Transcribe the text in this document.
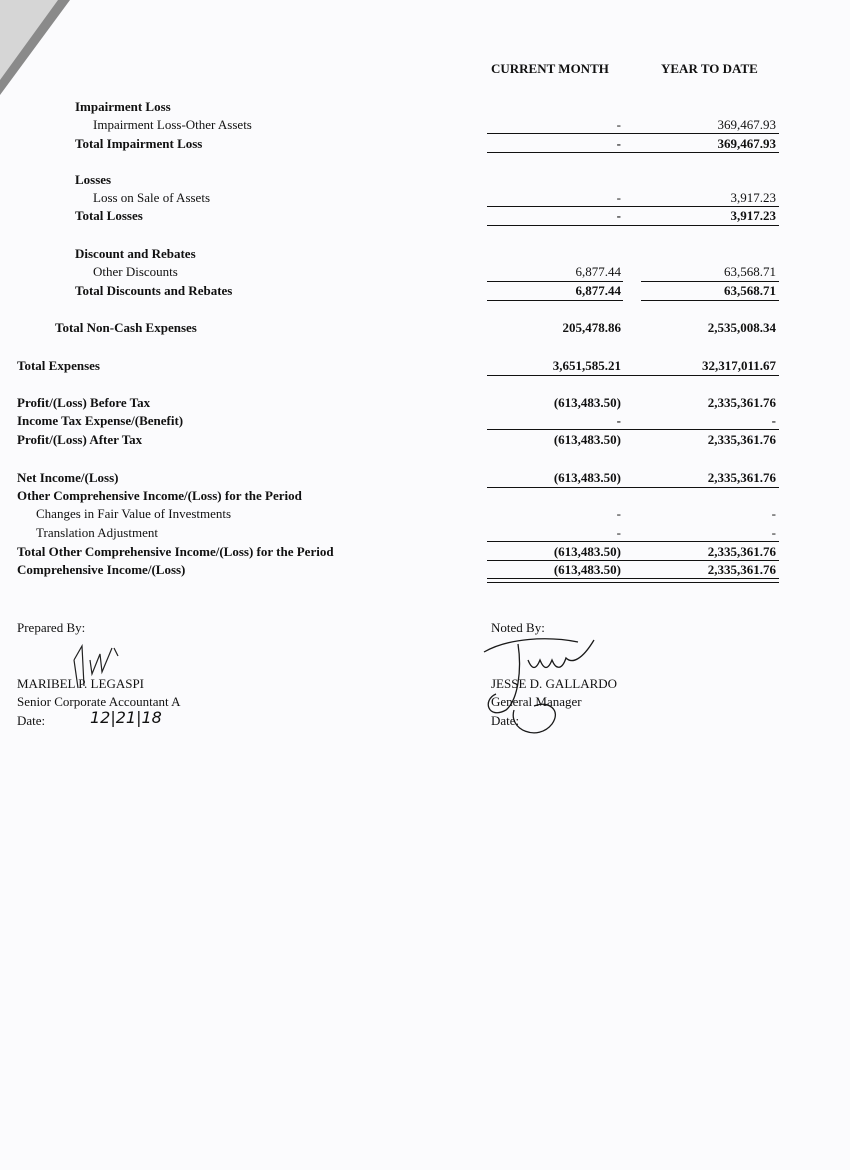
CURRENT MONTH	YEAR TO DATE
Impairment Loss
Impairment Loss-Other Assets	-	369,467.93
Total Impairment Loss	-	369,467.93
Losses
Loss on Sale of Assets	-	3,917.23
Total Losses	-	3,917.23
Discount and Rebates
Other Discounts	6,877.44	63,568.71
Total Discounts and Rebates	6,877.44	63,568.71
Total Non-Cash Expenses	205,478.86	2,535,008.34
Total Expenses	3,651,585.21	32,317,011.67
Profit/(Loss) Before Tax	(613,483.50)	2,335,361.76
Income Tax Expense/(Benefit)	-	-
Profit/(Loss) After Tax	(613,483.50)	2,335,361.76
Net Income/(Loss)	(613,483.50)	2,335,361.76
Other Comprehensive Income/(Loss) for the Period
Changes in Fair Value of Investments	-	-
Translation Adjustment	-	-
Total Other Comprehensive Income/(Loss) for the Period	(613,483.50)	2,335,361.76
Comprehensive Income/(Loss)	(613,483.50)	2,335,361.76
Prepared By:
MARIBEL P. LEGASPI
Senior Corporate Accountant A
Date:	12|21|18
Noted By:
JESSE D. GALLARDO
General Manager
Date:
